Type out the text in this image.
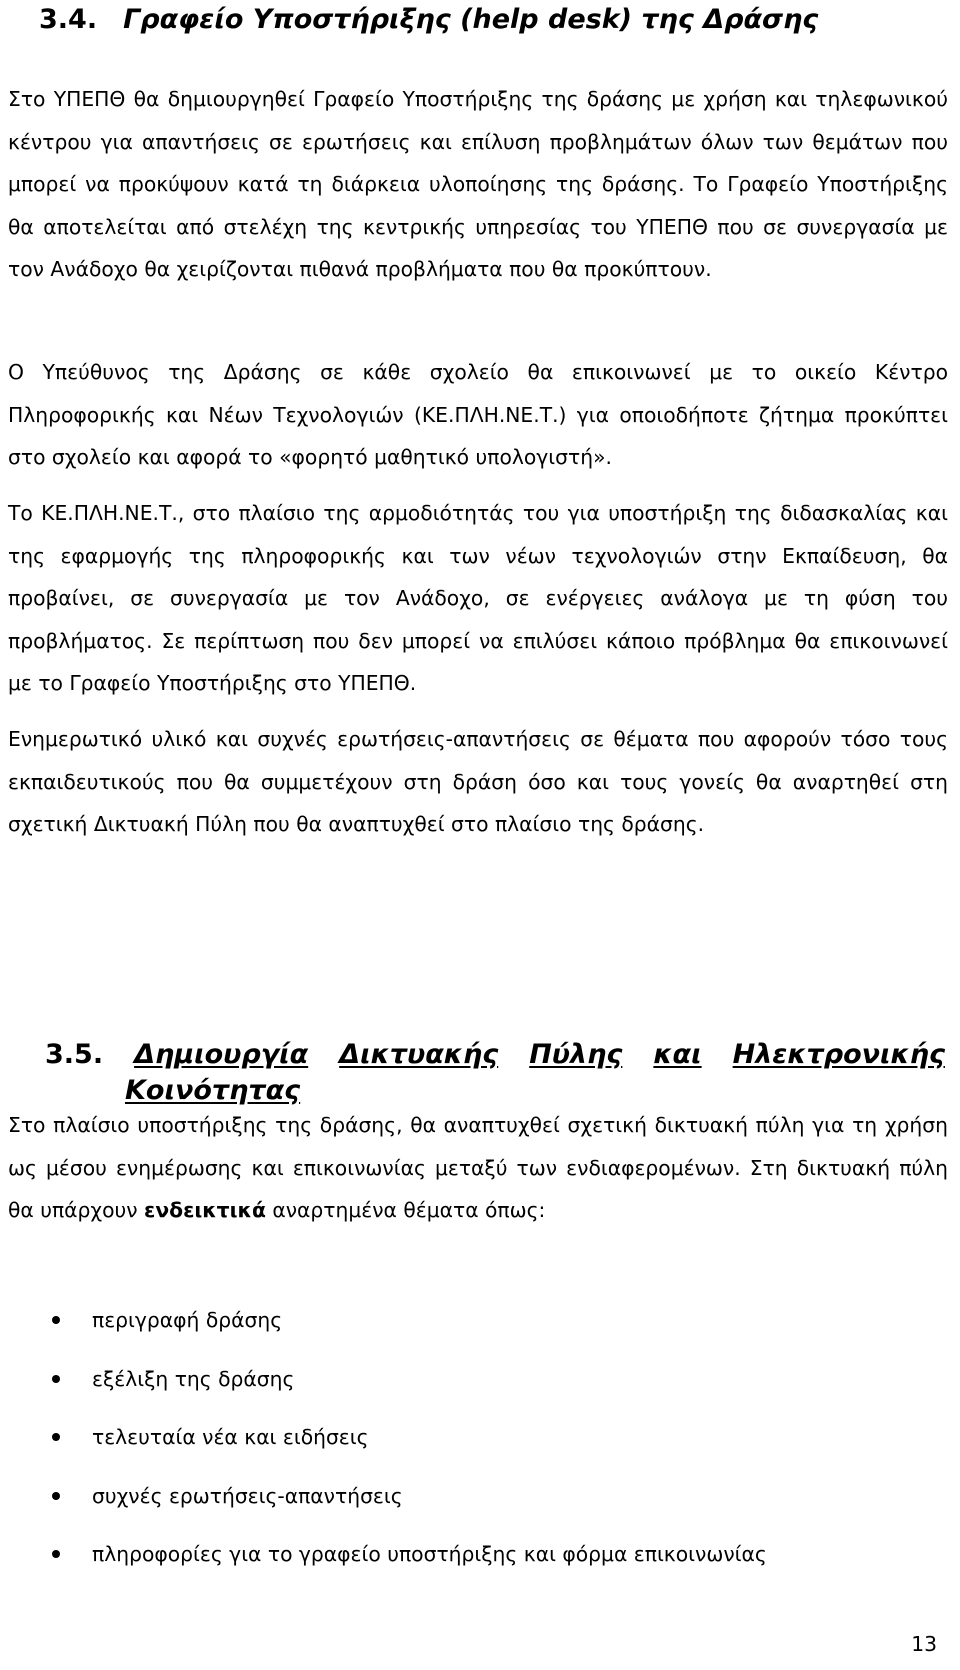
3.4. Γραφείο Υποστήριξης (help desk) της Δράσης

Στο ΥΠΕΠΘ θα δημιουργηθεί Γραφείο Υποστήριξης της δράσης με χρήση και τηλεφωνικού κέντρου για απαντήσεις σε ερωτήσεις και επίλυση προβλημάτων όλων των θεμάτων που μπορεί να προκύψουν κατά τη διάρκεια υλοποίησης της δράσης. Το Γραφείο Υποστήριξης θα αποτελείται από στελέχη της κεντρικής υπηρεσίας του ΥΠΕΠΘ που σε συνεργασία με τον Ανάδοχο θα χειρίζονται πιθανά προβλήματα που θα προκύπτουν.

Ο Υπεύθυνος της Δράσης σε κάθε σχολείο θα επικοινωνεί με το οικείο Κέντρο Πληροφορικής και Νέων Τεχνολογιών (ΚΕ.ΠΛΗ.ΝΕ.Τ.) για οποιοδήποτε ζήτημα προκύπτει στο σχολείο και αφορά το «φορητό μαθητικό υπολογιστή».

Το ΚΕ.ΠΛΗ.ΝΕ.Τ., στο πλαίσιο της αρμοδιότητάς του για υποστήριξη της διδασκαλίας και της εφαρμογής της πληροφορικής και των νέων τεχνολογιών στην Εκπαίδευση, θα προβαίνει, σε συνεργασία με τον Ανάδοχο, σε ενέργειες ανάλογα με τη φύση του προβλήματος. Σε περίπτωση που δεν μπορεί να επιλύσει κάποιο πρόβλημα θα επικοινωνεί με το Γραφείο Υποστήριξης στο ΥΠΕΠΘ.

Ενημερωτικό υλικό και συχνές ερωτήσεις-απαντήσεις σε θέματα που αφορούν τόσο τους εκπαιδευτικούς που θα συμμετέχουν στη δράση όσο και τους γονείς θα αναρτηθεί στη σχετική Δικτυακή Πύλη που θα αναπτυχθεί στο πλαίσιο της δράσης.

3.5. Δημιουργία Δικτυακής Πύλης και Ηλεκτρονικής
Κοινότητας

Στο πλαίσιο υποστήριξης της δράσης, θα αναπτυχθεί σχετική δικτυακή πύλη για τη χρήση ως μέσου ενημέρωσης και επικοινωνίας μεταξύ των ενδιαφερομένων. Στη δικτυακή πύλη θα υπάρχουν ενδεικτικά αναρτημένα θέματα όπως:

περιγραφή δράσης
εξέλιξη της δράσης
τελευταία νέα και ειδήσεις
συχνές ερωτήσεις-απαντήσεις
πληροφορίες για το γραφείο υποστήριξης και φόρμα επικοινωνίας
13
